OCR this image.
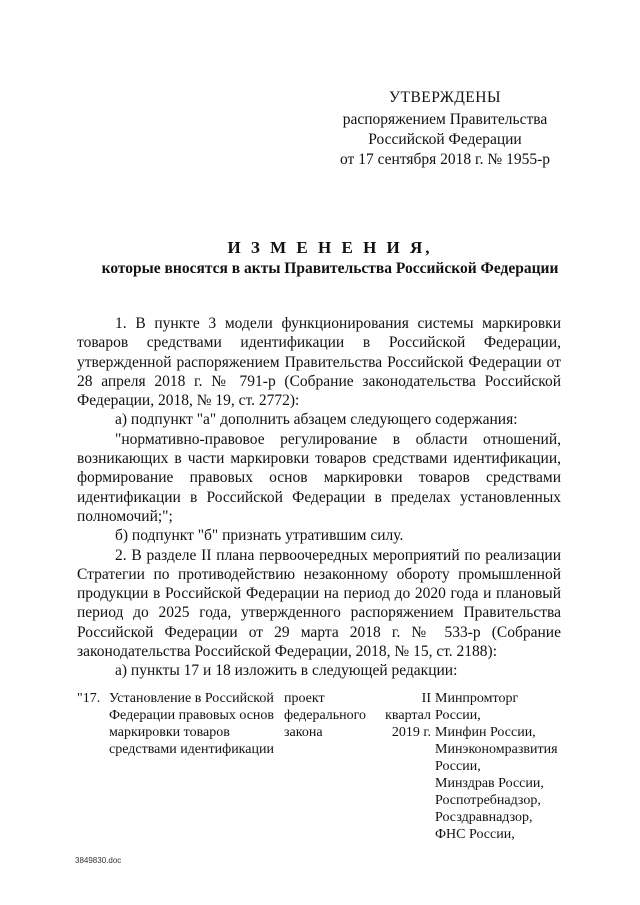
УТВЕРЖДЕНЫ
распоряжением Правительства
Российской Федерации
от 17 сентября 2018 г. № 1955-р
И З М Е Н Е Н И Я,
которые вносятся в акты Правительства Российской Федерации

1. В пункте 3 модели функционирования системы маркировки товаров средствами идентификации в Российской Федерации, утвержденной распоряжением Правительства Российской Федерации от 28 апреля 2018 г. № 791-р (Собрание законодательства Российской Федерации, 2018, № 19, ст. 2772):

а) подпункт "а" дополнить абзацем следующего содержания:

"нормативно-правовое регулирование в области отношений, возникающих в части маркировки товаров средствами идентификации, формирование правовых основ маркировки товаров средствами идентификации в Российской Федерации в пределах установленных полномочий;";

б) подпункт "б" признать утратившим силу.

2. В разделе II плана первоочередных мероприятий по реализации Стратегии по противодействию незаконному обороту промышленной продукции в Российской Федерации на период до 2020 года и плановый период до 2025 года, утвержденного распоряжением Правительства Российской Федерации от 29 марта 2018 г. № 533-р (Собрание законодательства Российской Федерации, 2018, № 15, ст. 2188):

а) пункты 17 и 18 изложить в следующей редакции:

"17. Установление в Российской
Федерации правовых основ
маркировки товаров
средствами идентификации
проект
федерального
закона
II
квартал
2019 г.
Минпромторг
России,
Минфин России,
Минэкономразвития
России,
Минздрав России,
Роспотребнадзор,
Росздравнадзор,
ФНС России,
3849830.doc
